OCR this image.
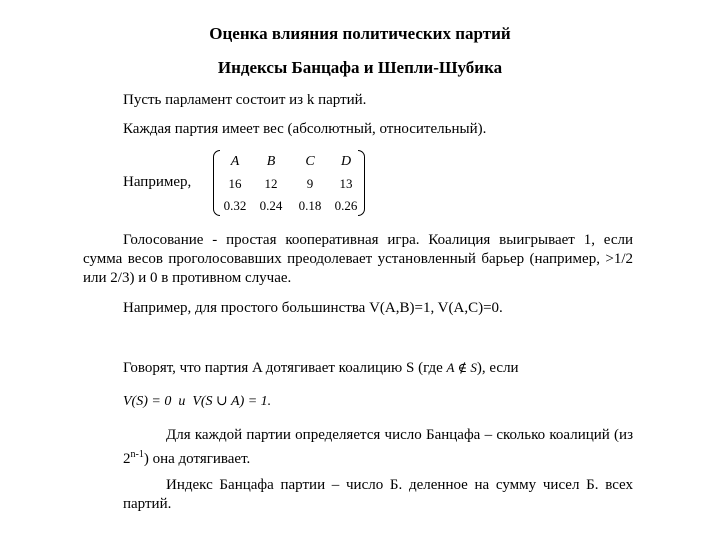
Оценка влияния политических партий
Индексы Банцафа и Шепли-Шубика
Пусть парламент состоит из k партий.
Каждая партия имеет вес (абсолютный, относительный).
Например,
A	B	C	D
16	12	9	13
0.32	0.24	0.18	0.26
Голосование - простая кооперативная игра. Коалиция выигрывает 1, если сумма весов проголосовавших преодолевает установленный барьер (например, >1/2 или 2/3) и 0 в противном случае.
Например, для простого большинства V(A,B)=1, V(A,C)=0.
Говорят, что партия A дотягивает коалицию S (где A ∉ S), если
V(S) = 0  и  V(S ∪ A) = 1.
Для каждой партии определяется число Банцафа – сколько коалиций (из 2$^{n-1}$) она дотягивает.
Индекс Банцафа партии – число Б. деленное на сумму чисел Б. всех партий.
